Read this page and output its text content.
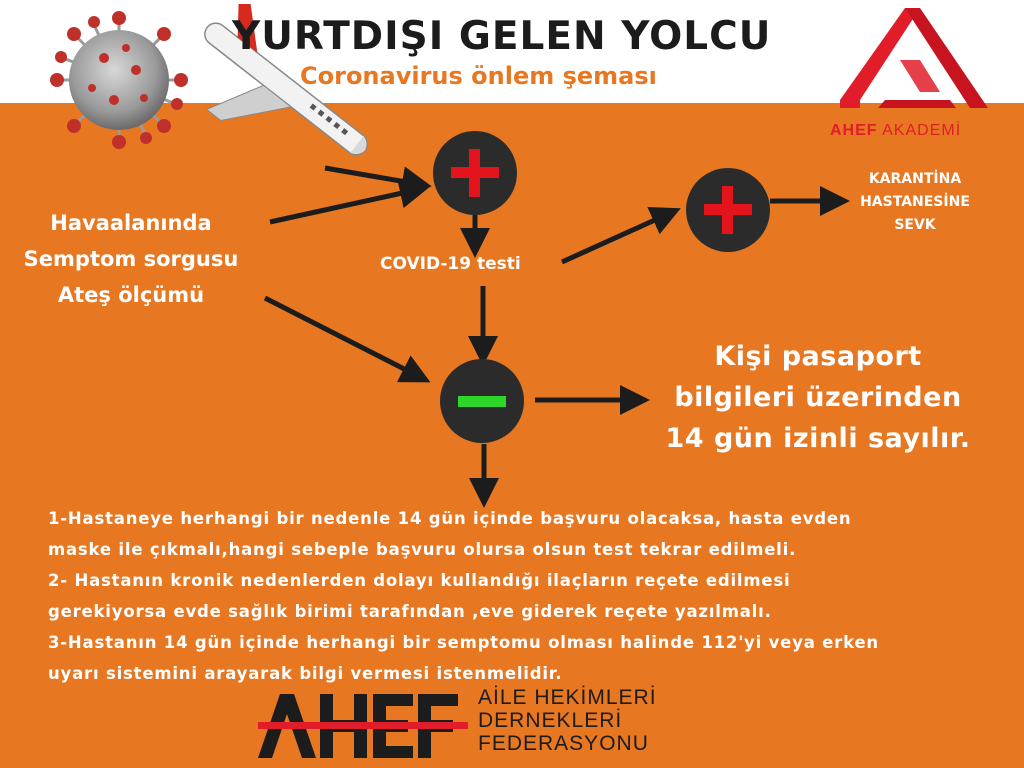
YURTDIŞI GELEN YOLCU
Coronavirus önlem şeması
AHEF AKADEMİ
Havaalanında
Semptom sorgusu
Ateş ölçümü
COVID-19 testi
KARANTİNA
HASTANESİNE
SEVK
Kişi pasaport
bilgileri üzerinden
14 gün izinli sayılır.
1-Hastaneye herhangi bir nedenle 14 gün içinde başvuru olacaksa, hasta evden
maske ile çıkmalı,hangi sebeple başvuru olursa olsun test tekrar edilmeli.
2- Hastanın kronik nedenlerden dolayı kullandığı ilaçların reçete edilmesi
gerekiyorsa evde sağlık birimi tarafından ,eve giderek reçete yazılmalı.
3-Hastanın 14 gün içinde herhangi bir semptomu olması halinde 112'yi veya erken
uyarı sistemini arayarak bilgi vermesi istenmelidir.
AİLE HEKİMLERİ
DERNEKLERİ
FEDERASYONU
